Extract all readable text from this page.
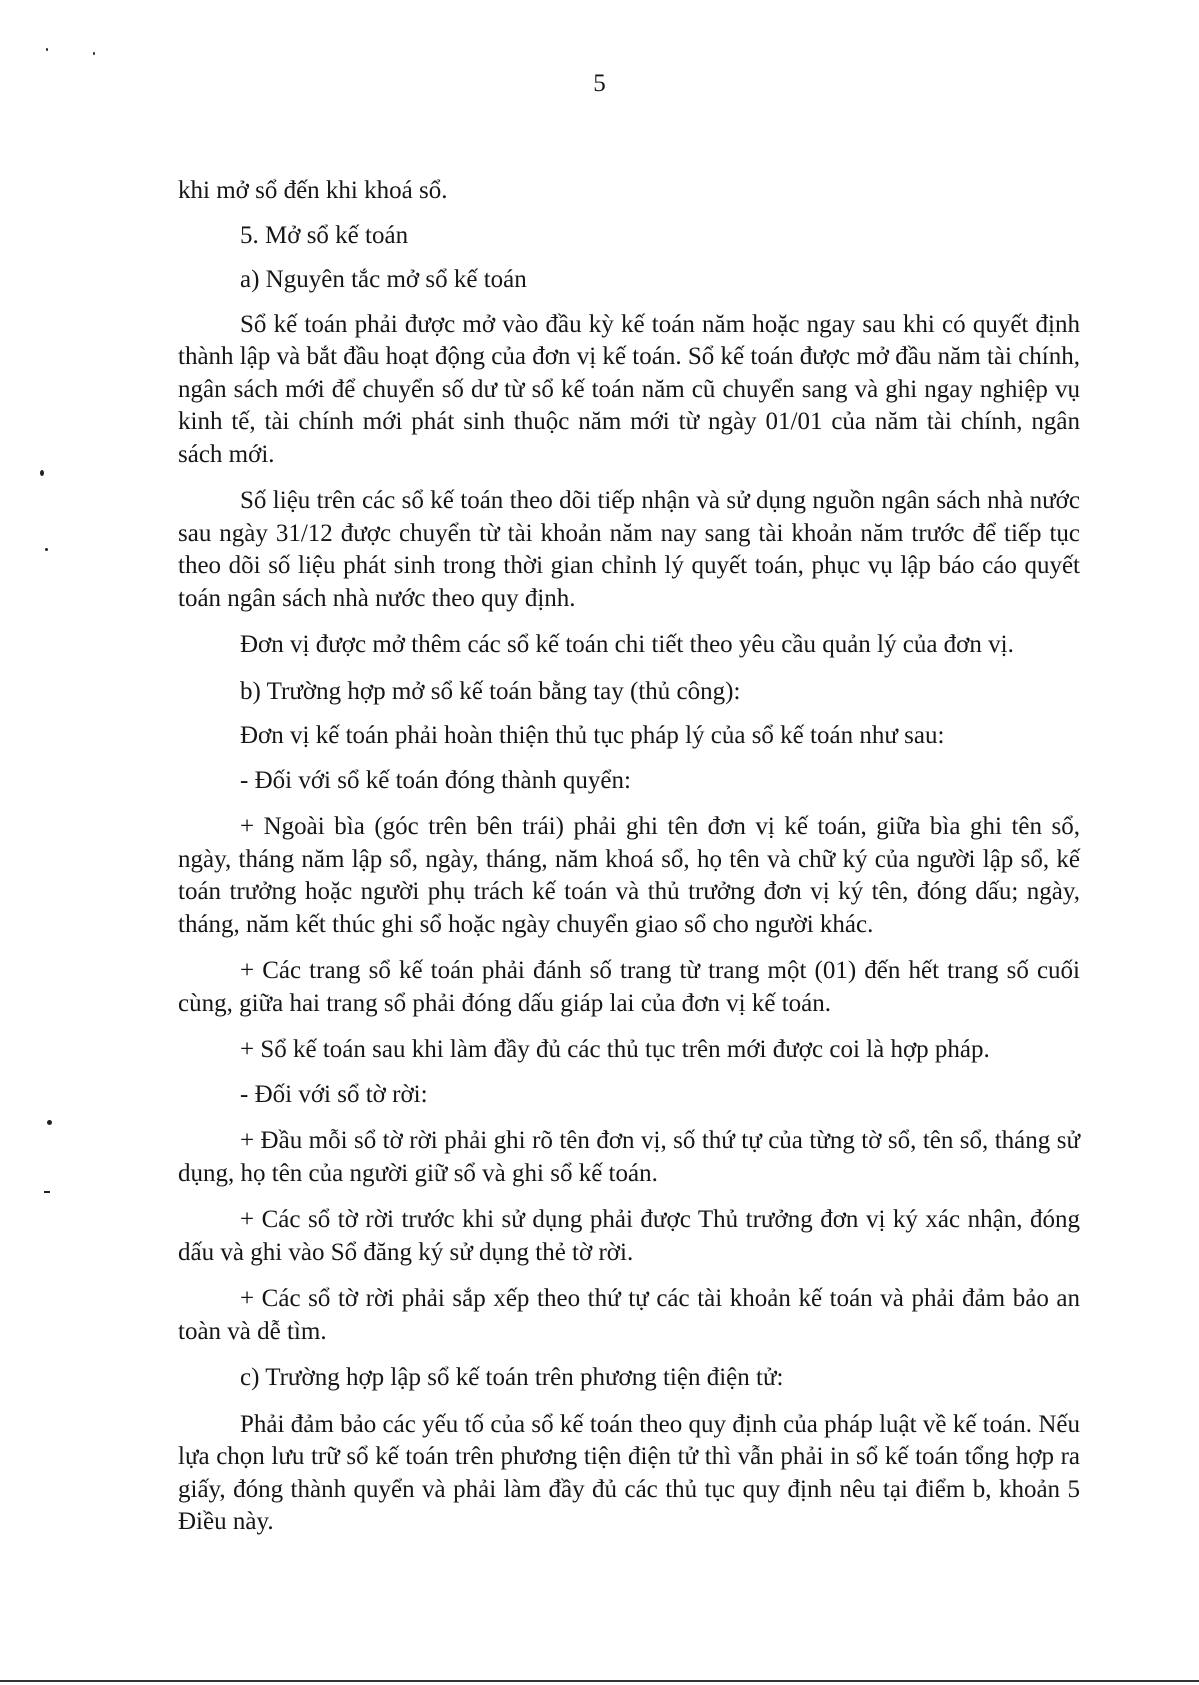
5

khi mở sổ đến khi khoá sổ.

5. Mở sổ kế toán

a) Nguyên tắc mở sổ kế toán

Sổ kế toán phải được mở vào đầu kỳ kế toán năm hoặc ngay sau khi có quyết định thành lập và bắt đầu hoạt động của đơn vị kế toán. Sổ kế toán được mở đầu năm tài chính, ngân sách mới để chuyển số dư từ sổ kế toán năm cũ chuyển sang và ghi ngay nghiệp vụ kinh tế, tài chính mới phát sinh thuộc năm mới từ ngày 01/01 của năm tài chính, ngân sách mới.

Số liệu trên các sổ kế toán theo dõi tiếp nhận và sử dụng nguồn ngân sách nhà nước sau ngày 31/12 được chuyển từ tài khoản năm nay sang tài khoản năm trước để tiếp tục theo dõi số liệu phát sinh trong thời gian chỉnh lý quyết toán, phục vụ lập báo cáo quyết toán ngân sách nhà nước theo quy định.

Đơn vị được mở thêm các sổ kế toán chi tiết theo yêu cầu quản lý của đơn vị.

b) Trường hợp mở sổ kế toán bằng tay (thủ công):

Đơn vị kế toán phải hoàn thiện thủ tục pháp lý của sổ kế toán như sau:

- Đối với sổ kế toán đóng thành quyển:

+ Ngoài bìa (góc trên bên trái) phải ghi tên đơn vị kế toán, giữa bìa ghi tên sổ, ngày, tháng năm lập sổ, ngày, tháng, năm khoá sổ, họ tên và chữ ký của người lập sổ, kế toán trưởng hoặc người phụ trách kế toán và thủ trưởng đơn vị ký tên, đóng dấu; ngày, tháng, năm kết thúc ghi sổ hoặc ngày chuyển giao sổ cho người khác.

+ Các trang sổ kế toán phải đánh số trang từ trang một (01) đến hết trang số cuối cùng, giữa hai trang sổ phải đóng dấu giáp lai của đơn vị kế toán.

+ Sổ kế toán sau khi làm đầy đủ các thủ tục trên mới được coi là hợp pháp.

- Đối với sổ tờ rời:

+ Đầu mỗi sổ tờ rời phải ghi rõ tên đơn vị, số thứ tự của từng tờ sổ, tên sổ, tháng sử dụng, họ tên của người giữ sổ và ghi sổ kế toán.

+ Các sổ tờ rời trước khi sử dụng phải được Thủ trưởng đơn vị ký xác nhận, đóng dấu và ghi vào Sổ đăng ký sử dụng thẻ tờ rời.

+ Các sổ tờ rời phải sắp xếp theo thứ tự các tài khoản kế toán và phải đảm bảo an toàn và dễ tìm.

c) Trường hợp lập sổ kế toán trên phương tiện điện tử:

Phải đảm bảo các yếu tố của sổ kế toán theo quy định của pháp luật về kế toán. Nếu lựa chọn lưu trữ sổ kế toán trên phương tiện điện tử thì vẫn phải in sổ kế toán tổng hợp ra giấy, đóng thành quyển và phải làm đầy đủ các thủ tục quy định nêu tại điểm b, khoản 5 Điều này.
